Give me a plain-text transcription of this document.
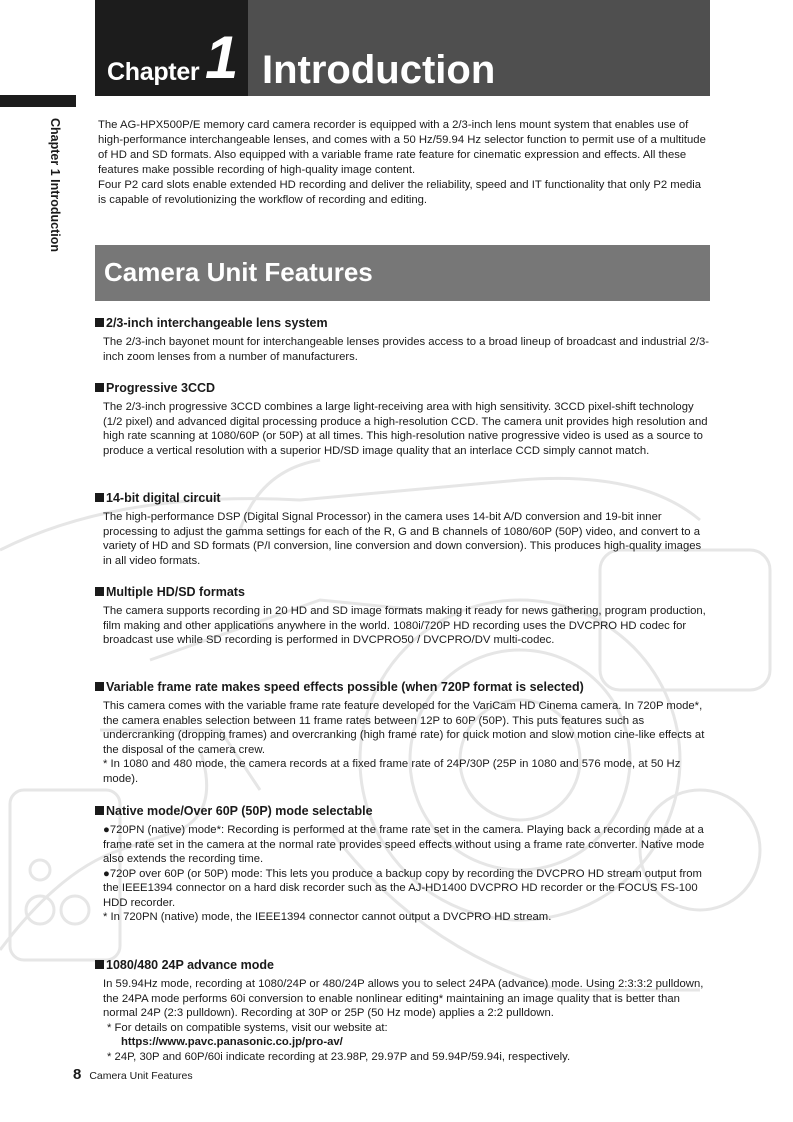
Chapter 1 Introduction
Chapter 1 Introduction	The AG-HPX500P/E memory card camera recorder is equipped with a 2/3-inch lens mount system that enables use of high-performance interchangeable lenses, and comes with a 50 Hz/59.94 Hz selector function to permit use of a multitude of HD and SD formats. Also equipped with a variable frame rate feature for cinematic expression and effects. All these features make possible recording of high-quality image content.

Four P2 card slots enable extended HD recording and deliver the reliability, speed and IT functionality that only P2 media is capable of revolutionizing the workflow of recording and editing.

Camera Unit Features
2/3-inch interchangeable lens system

The 2/3-inch bayonet mount for interchangeable lenses provides access to a broad lineup of broadcast and industrial 2/3-inch zoom lenses from a number of manufacturers.

Progressive 3CCD

The 2/3-inch progressive 3CCD combines a large light-receiving area with high sensitivity. 3CCD pixel-shift technology (1/2 pixel) and advanced digital processing produce a high-resolution CCD. The camera unit provides high resolution and high rate scanning at 1080/60P (or 50P) at all times. This high-resolution native progressive video is used as a source to produce a vertical resolution with a superior HD/SD image quality that an interlace CCD simply cannot match.

14-bit digital circuit

The high-performance DSP (Digital Signal Processor) in the camera uses 14-bit A/D conversion and 19-bit inner processing to adjust the gamma settings for each of the R, G and B channels of 1080/60P (50P) video, and convert to a variety of HD and SD formats (P/I conversion, line conversion and down conversion). This produces high-quality images in all video formats.

Multiple HD/SD formats

The camera supports recording in 20 HD and SD image formats making it ready for news gathering, program production, film making and other applications anywhere in the world. 1080i/720P HD recording uses the DVCPRO HD codec for broadcast use while SD recording is performed in DVCPRO50 / DVCPRO/DV multi-codec.

Variable frame rate makes speed effects possible (when 720P format is selected)

This camera comes with the variable frame rate feature developed for the VariCam HD Cinema camera. In 720P mode*, the camera enables selection between 11 frame rates between 12P to 60P (50P). This puts features such as undercranking (dropping frames) and overcranking (high frame rate) for quick motion and slow motion cine-like effects at the disposal of the camera crew.

* In 1080 and 480 mode, the camera records at a fixed frame rate of 24P/30P (25P in 1080 and 576 mode, at 50 Hz mode).

Native mode/Over 60P (50P) mode selectable

●720PN (native) mode*: Recording is performed at the frame rate set in the camera. Playing back a recording made at a frame rate set in the camera at the normal rate provides speed effects without using a frame rate converter. Native mode also extends the recording time.

●720P over 60P (or 50P) mode: This lets you produce a backup copy by recording the DVCPRO HD stream output from the IEEE1394 connector on a hard disk recorder such as the AJ-HD1400 DVCPRO HD recorder or the FOCUS FS-100 HDD recorder.

* In 720PN (native) mode, the IEEE1394 connector cannot output a DVCPRO HD stream.

1080/480 24P advance mode

In 59.94Hz mode, recording at 1080/24P or 480/24P allows you to select 24PA (advance) mode. Using 2:3:3:2 pulldown, the 24PA mode performs 60i conversion to enable nonlinear editing* maintaining an image quality that is better than normal 24P (2:3 pulldown). Recording at 30P or 25P (50 Hz mode) applies a 2:2 pulldown.

* For details on compatible systems, visit our website at:

https://www.pavc.panasonic.co.jp/pro-av/

* 24P, 30P and 60P/60i indicate recording at 23.98P, 29.97P and 59.94P/59.94i, respectively.

8 Camera Unit Features
